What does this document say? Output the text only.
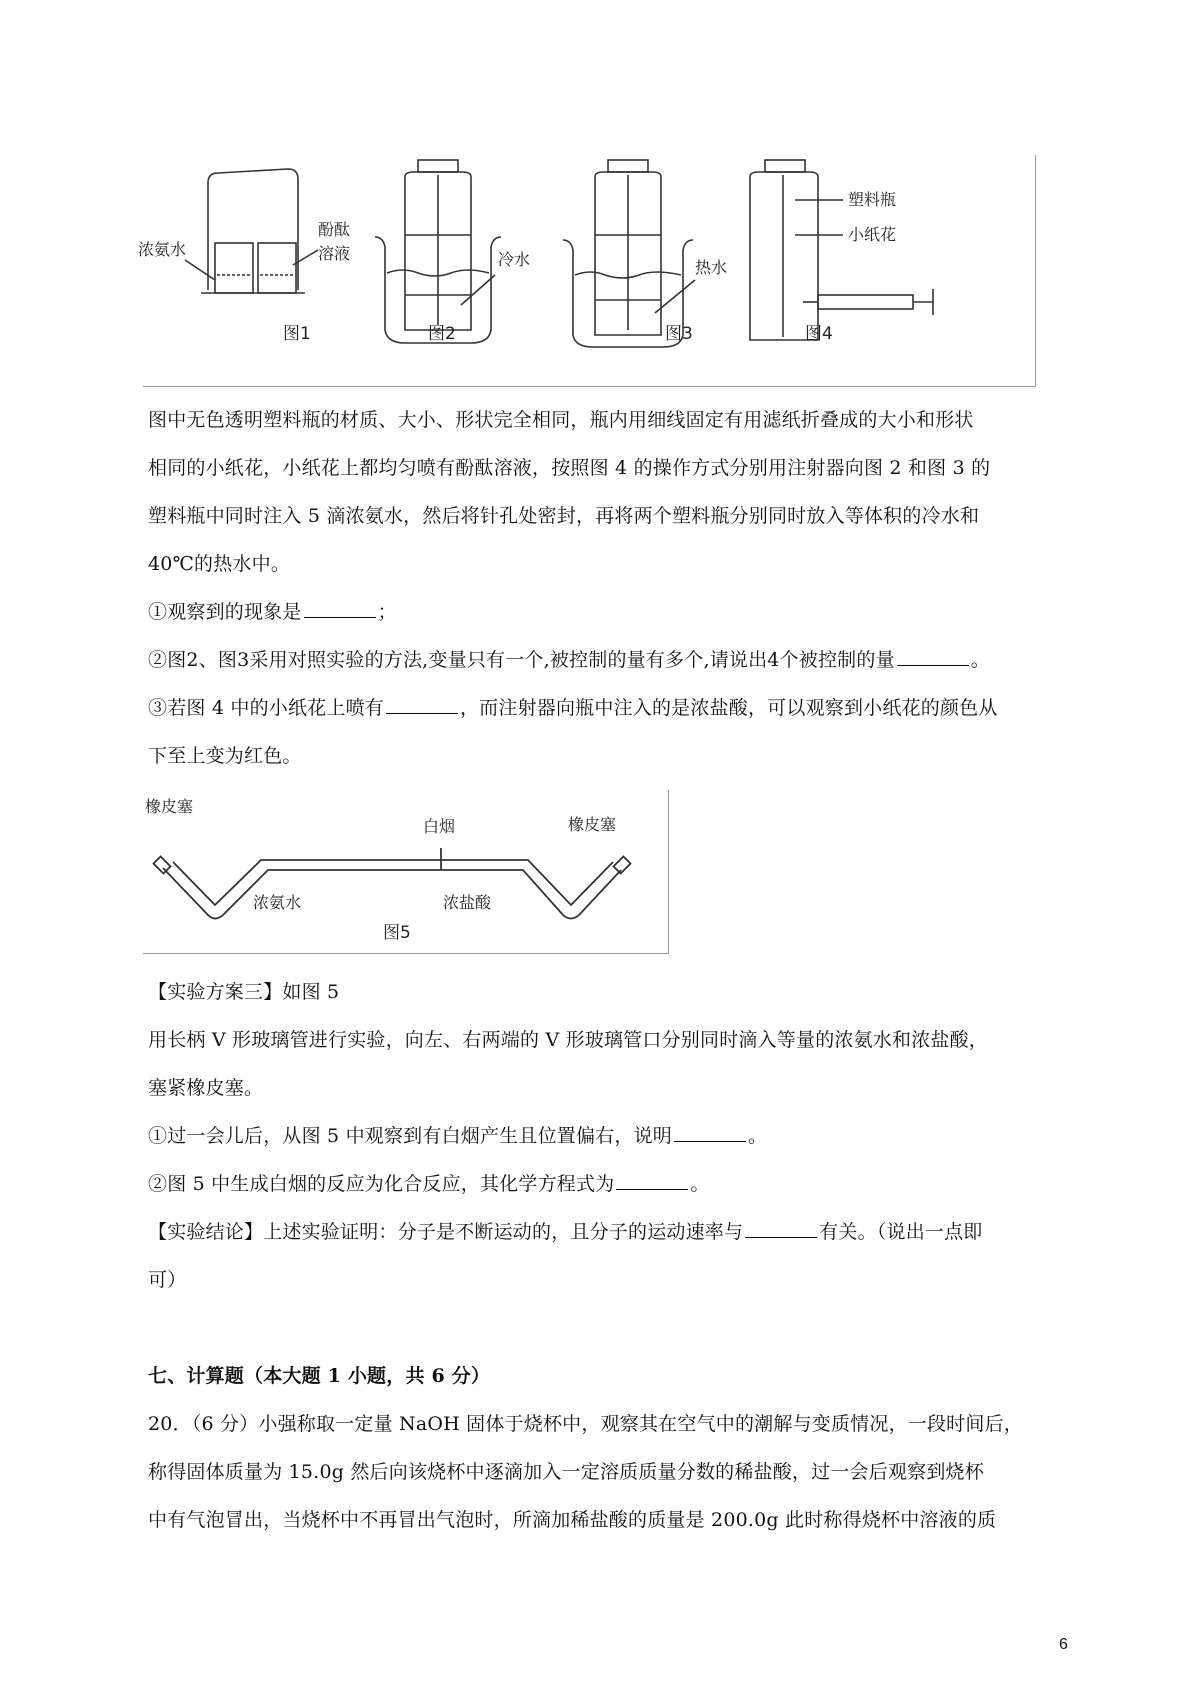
浓氨水
酚酞
溶液
图1
冷水
图2
热水
图3
塑料瓶
小纸花
图4
图中无色透明塑料瓶的材质、大小、形状完全相同，瓶内用细线固定有用滤纸折叠成的大小和形状
相同的小纸花，小纸花上都均匀喷有酚酞溶液，按照图 4 的操作方式分别用注射器向图 2 和图 3 的
塑料瓶中同时注入 5 滴浓氨水，然后将针孔处密封，再将两个塑料瓶分别同时放入等体积的冷水和
40℃的热水中。
①观察到的现象是	；
②图2、图3采用对照实验的方法,变量只有一个,被控制的量有多个,请说出4个被控制的量	。
③若图 4 中的小纸花上喷有	，而注射器向瓶中注入的是浓盐酸，可以观察到小纸花的颜色从
下至上变为红色。
橡皮塞
橡皮塞
白烟
浓氨水	浓盐酸
图5
【实验方案三】如图 5
用长柄 V 形玻璃管进行实验，向左、右两端的 V 形玻璃管口分别同时滴入等量的浓氨水和浓盐酸，
塞紧橡皮塞。
①过一会儿后，从图 5 中观察到有白烟产生且位置偏右，说明	。
②图 5 中生成白烟的反应为化合反应，其化学方程式为	。
【实验结论】上述实验证明：分子是不断运动的，且分子的运动速率与	有关。（说出一点即
可）
七、计算题（本大题 1 小题，共 6 分）
20．（6 分）小强称取一定量 NaOH 固体于烧杯中，观察其在空气中的潮解与变质情况，一段时间后，
称得固体质量为 15.0g 然后向该烧杯中逐滴加入一定溶质质量分数的稀盐酸，过一会后观察到烧杯
中有气泡冒出，当烧杯中不再冒出气泡时，所滴加稀盐酸的质量是 200.0g 此时称得烧杯中溶液的质
6
